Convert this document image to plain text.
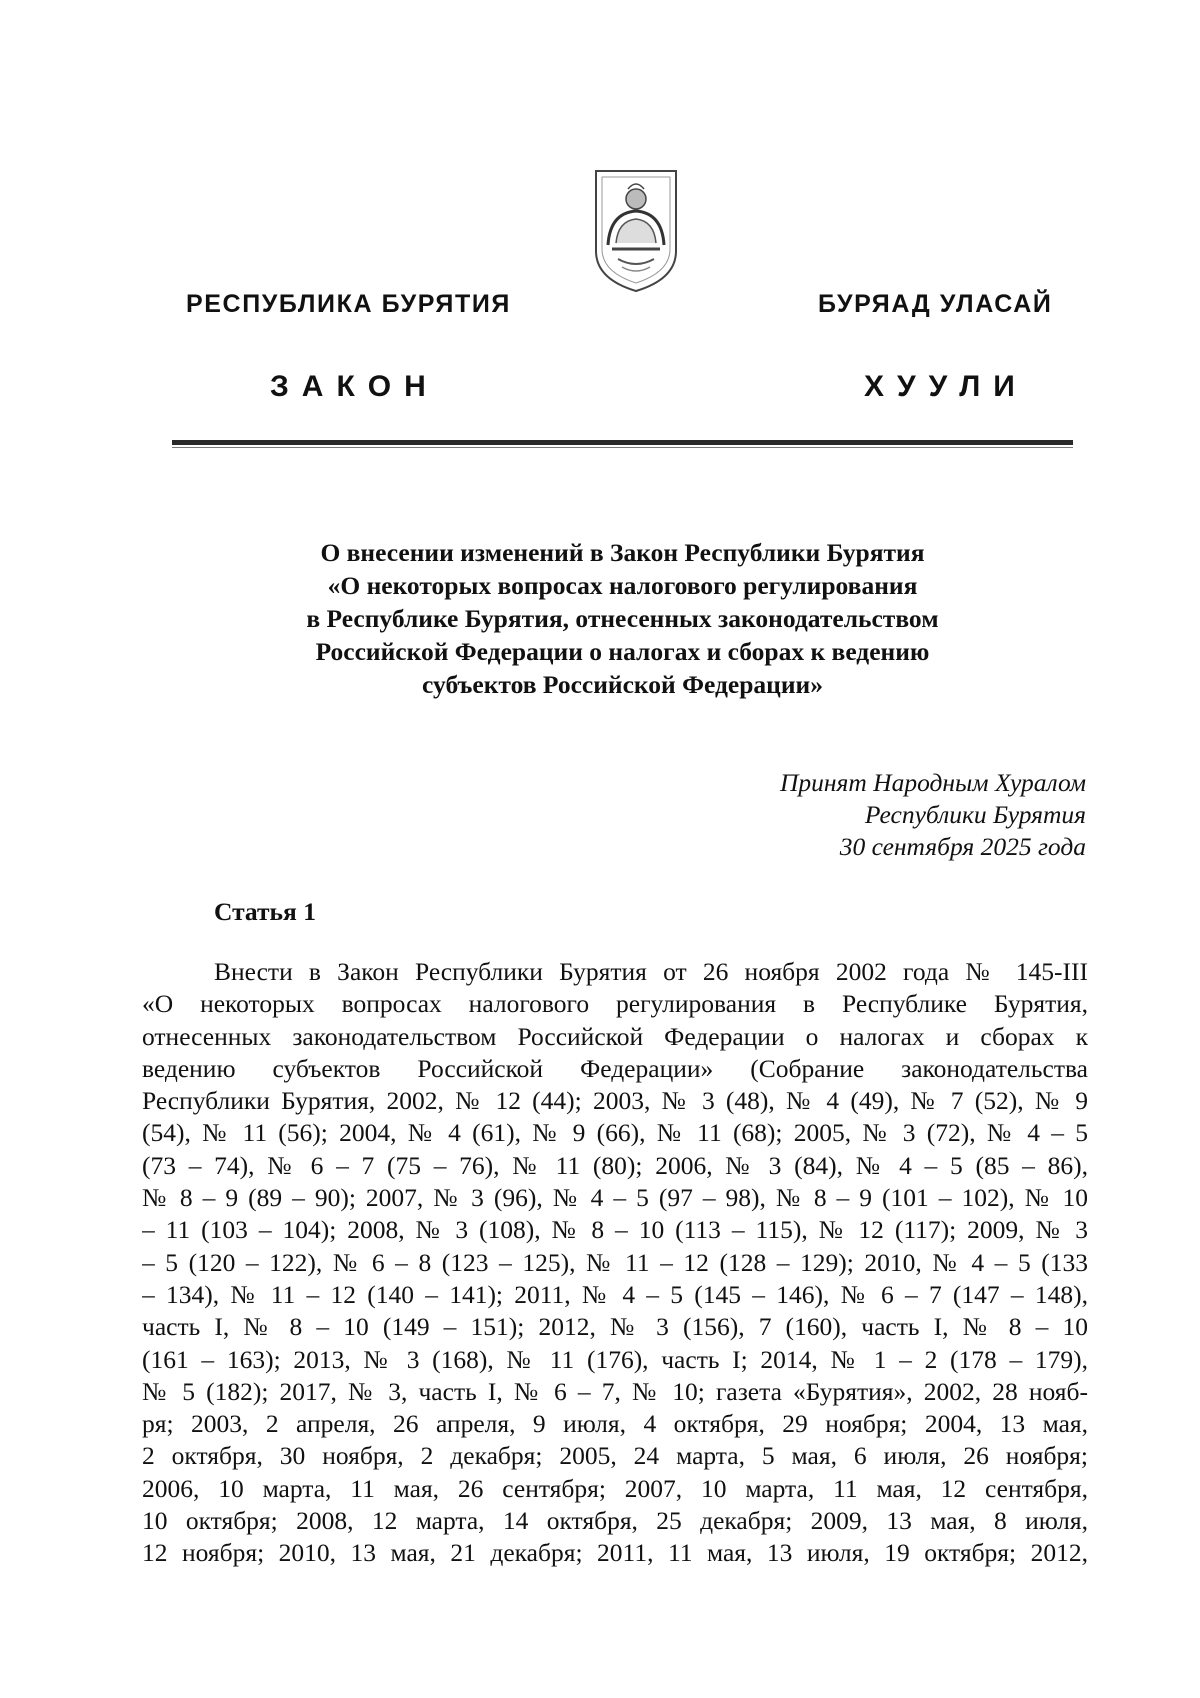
РЕСПУБЛИКА БУРЯТИЯ	БУРЯАД УЛАСАЙ
ЗАКОН	ХУУЛИ
О внесении изменений в Закон Республики Бурятия
«О некоторых вопросах налогового регулирования
в Республике Бурятия, отнесенных законодательством
Российской Федерации о налогах и сборах к ведению
субъектов Российской Федерации»
Принят Народным Хуралом
Республики Бурятия
30 сентября 2025 года
Статья 1
Внести в Закон Республики Бурятия от 26 ноября 2002 года № 145-III
«О некоторых вопросах налогового регулирования в Республике Бурятия,
отнесенных законодательством Российской Федерации о налогах и сборах к
ведению субъектов Российской Федерации» (Собрание законодательства
Республики Бурятия, 2002, № 12 (44); 2003, № 3 (48), № 4 (49), № 7 (52), № 9
(54), № 11 (56); 2004, № 4 (61), № 9 (66), № 11 (68); 2005, № 3 (72), № 4 – 5
(73 – 74), № 6 – 7 (75 – 76), № 11 (80); 2006, № 3 (84), № 4 – 5 (85 – 86),
№ 8 – 9 (89 – 90); 2007, № 3 (96), № 4 – 5 (97 – 98), № 8 – 9 (101 – 102), № 10
– 11 (103 – 104); 2008, № 3 (108), № 8 – 10 (113 – 115), № 12 (117); 2009, № 3
– 5 (120 – 122), № 6 – 8 (123 – 125), № 11 – 12 (128 – 129); 2010, № 4 – 5 (133
– 134), № 11 – 12 (140 – 141); 2011, № 4 – 5 (145 – 146), № 6 – 7 (147 – 148),
часть I, № 8 – 10 (149 – 151); 2012, № 3 (156), 7 (160), часть I, № 8 – 10
(161 – 163); 2013, № 3 (168), № 11 (176), часть I; 2014, № 1 – 2 (178 – 179),
№ 5 (182); 2017, № 3, часть I, № 6 – 7, № 10; газета «Бурятия», 2002, 28 нояб-
ря; 2003, 2 апреля, 26 апреля, 9 июля, 4 октября, 29 ноября; 2004, 13 мая,
2 октября, 30 ноября, 2 декабря; 2005, 24 марта, 5 мая, 6 июля, 26 ноября;
2006, 10 марта, 11 мая, 26 сентября; 2007, 10 марта, 11 мая, 12 сентября,
10 октября; 2008, 12 марта, 14 октября, 25 декабря; 2009, 13 мая, 8 июля,
12 ноября; 2010, 13 мая, 21 декабря; 2011, 11 мая, 13 июля, 19 октября; 2012,
